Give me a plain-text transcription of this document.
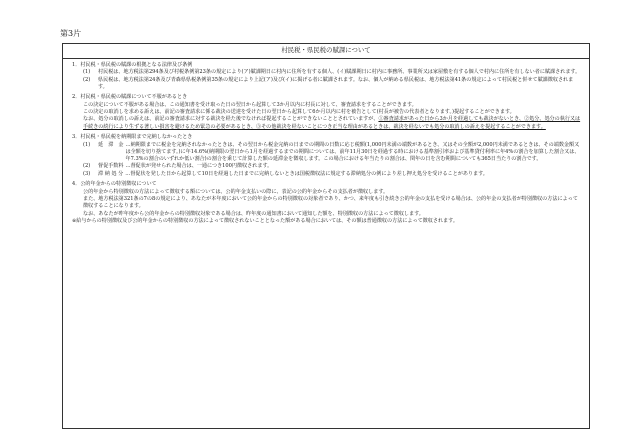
第3片
村民税・県民税の賦課について
1．村民税・県民税の賦課の根拠となる法律及び条例
(1)	村民税は、地方税法第294条及び村税条例第23条の規定により(ア)賦課期日に村内に住所を有する個人、(イ)賦課期日に村内に事務所、事業所又は家屋敷を有する個人で村内に住所を有しない者に賦課されます。
(2)	県民税は、地方税法第24条及び青森県県税条例第35条の規定により上記(ア)及び(イ)に掲げる者に賦課されます。なお、個人が納める県民税は、地方税法第41条の規定によって村民税と併せて賦課徴収されます。
2．村民税・県民税の賦課について不服があるとき

この決定について不服がある場合は、この通知書を受け取った日の翌日から起算して3か月以内に村長に対して、審査請求をすることができます。

この決定の取消しを求める訴えは、前記の審査請求に係る裁決の送達を受けた日の翌日から起算して6か月以内に村を被告として(村長が被告の代表者となります。)提起することができます。

なお、処分の取消しの訴えは、前記の審査請求に対する裁決を経た後でなければ提起することができないこととされていますが、①審査請求があった日から3か月を経過しても裁決がないとき、②処分、処分の執行又は手続きの続行により生ずる著しい損害を避けるため緊急の必要があるとき、③その他裁決を経ないことにつき正当な理由があるときは、裁決を経ないでも処分の取消しの訴えを提起することができます。

3．村民税・県民税を納期限まで完納しなかったとき
(1)	延　滞　金 …納期限までに税金を完納されなかったときは、その翌日から税金完納の日までの期間の日数に応じ税額(1,000円未満の端数があるとき、又はその全額が2,000円未満であるときは、その端数金額又は全額を切り捨てます。)に年14.6%(納期限の翌日から1月を経過するまでの期間については、前年11月30日を経過する時における基準割引率および基準貸付利率に年4%の割合を加算した割合又は、年7.3%の割合のいずれか低い割合)の割合を乗じて計算した額の延滞金を徴収します。この場合における年当たりの割合は、閏年の日を含む期間についても365日当たりの割合です。
(2)	督促手数料 …督促状が発せられた場合は、一通につき100円徴収されます。
(3)	滞 納 処 分 …督促状を発した日から起算して10日を経過した日までに完納しないときは国税徴収法に規定する滞納処分の例により差し押え処分を受けることがあります。
4．公的年金からの特別徴収について

公的年金から特別徴収の方法によって徴収する額については、公的年金支払いの際に、表記の公的年金からその支払者が徴収します。

また、地方税法第321条の7の8の規定により、あなたが本年度において公的年金からの特別徴収の対象者であり、かつ、来年度も引き続き公的年金の支払を受ける場合は、公的年金の支払者が特別徴収の方法によって徴収することになります。

なお、あなたが昨年度から公的年金からの特別徴収対象である場合は、昨年度の通知書において通知した額を、特別徴収の方法によって徴収します。

※ 給与からの特別徴収及び公的年金からの特別徴収の方法によって徴収されないこととなった額がある場合においては、その額は普通徴収の方法によって徴収されます。
